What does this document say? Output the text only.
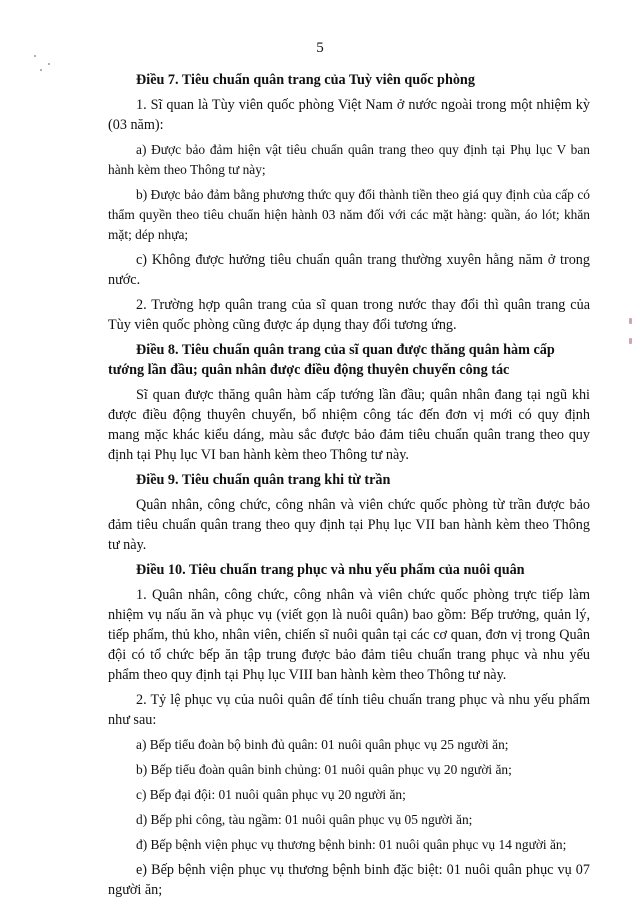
5

Điều 7. Tiêu chuẩn quân trang của Tuỳ viên quốc phòng

1. Sĩ quan là Tùy viên quốc phòng Việt Nam ở nước ngoài trong một nhiệm kỳ (03 năm):

a) Được bảo đảm hiện vật tiêu chuẩn quân trang theo quy định tại Phụ lục V ban hành kèm theo Thông tư này;

b) Được bảo đảm bằng phương thức quy đổi thành tiền theo giá quy định của cấp có thẩm quyền theo tiêu chuẩn hiện hành 03 năm đối với các mặt hàng: quần, áo lót; khăn mặt; dép nhựa;

c) Không được hưởng tiêu chuẩn quân trang thường xuyên hằng năm ở trong nước.

2. Trường hợp quân trang của sĩ quan trong nước thay đổi thì quân trang của Tùy viên quốc phòng cũng được áp dụng thay đổi tương ứng.

Điều 8. Tiêu chuẩn quân trang của sĩ quan được thăng quân hàm cấp tướng lần đầu; quân nhân được điều động thuyên chuyển công tác

Sĩ quan được thăng quân hàm cấp tướng lần đầu; quân nhân đang tại ngũ khi được điều động thuyên chuyển, bổ nhiệm công tác đến đơn vị mới có quy định mang mặc khác kiểu dáng, màu sắc được bảo đảm tiêu chuẩn quân trang theo quy định tại Phụ lục VI ban hành kèm theo Thông tư này.

Điều 9. Tiêu chuẩn quân trang khi từ trần

Quân nhân, công chức, công nhân và viên chức quốc phòng từ trần được bảo đảm tiêu chuẩn quân trang theo quy định tại Phụ lục VII ban hành kèm theo Thông tư này.

Điều 10. Tiêu chuẩn trang phục và nhu yếu phẩm của nuôi quân

1. Quân nhân, công chức, công nhân và viên chức quốc phòng trực tiếp làm nhiệm vụ nấu ăn và phục vụ (viết gọn là nuôi quân) bao gồm: Bếp trưởng, quản lý, tiếp phẩm, thủ kho, nhân viên, chiến sĩ nuôi quân tại các cơ quan, đơn vị trong Quân đội có tổ chức bếp ăn tập trung được bảo đảm tiêu chuẩn trang phục và nhu yếu phẩm theo quy định tại Phụ lục VIII ban hành kèm theo Thông tư này.

2. Tỷ lệ phục vụ của nuôi quân để tính tiêu chuẩn trang phục và nhu yếu phẩm như sau:

a) Bếp tiểu đoàn bộ binh đủ quân: 01 nuôi quân phục vụ 25 người ăn;

b) Bếp tiểu đoàn quân binh chủng: 01 nuôi quân phục vụ 20 người ăn;

c) Bếp đại đội: 01 nuôi quân phục vụ 20 người ăn;

d) Bếp phi công, tàu ngầm: 01 nuôi quân phục vụ 05 người ăn;

đ) Bếp bệnh viện phục vụ thương bệnh binh: 01 nuôi quân phục vụ 14 người ăn;

e) Bếp bệnh viện phục vụ thương bệnh binh đặc biệt: 01 nuôi quân phục vụ 07 người ăn;
